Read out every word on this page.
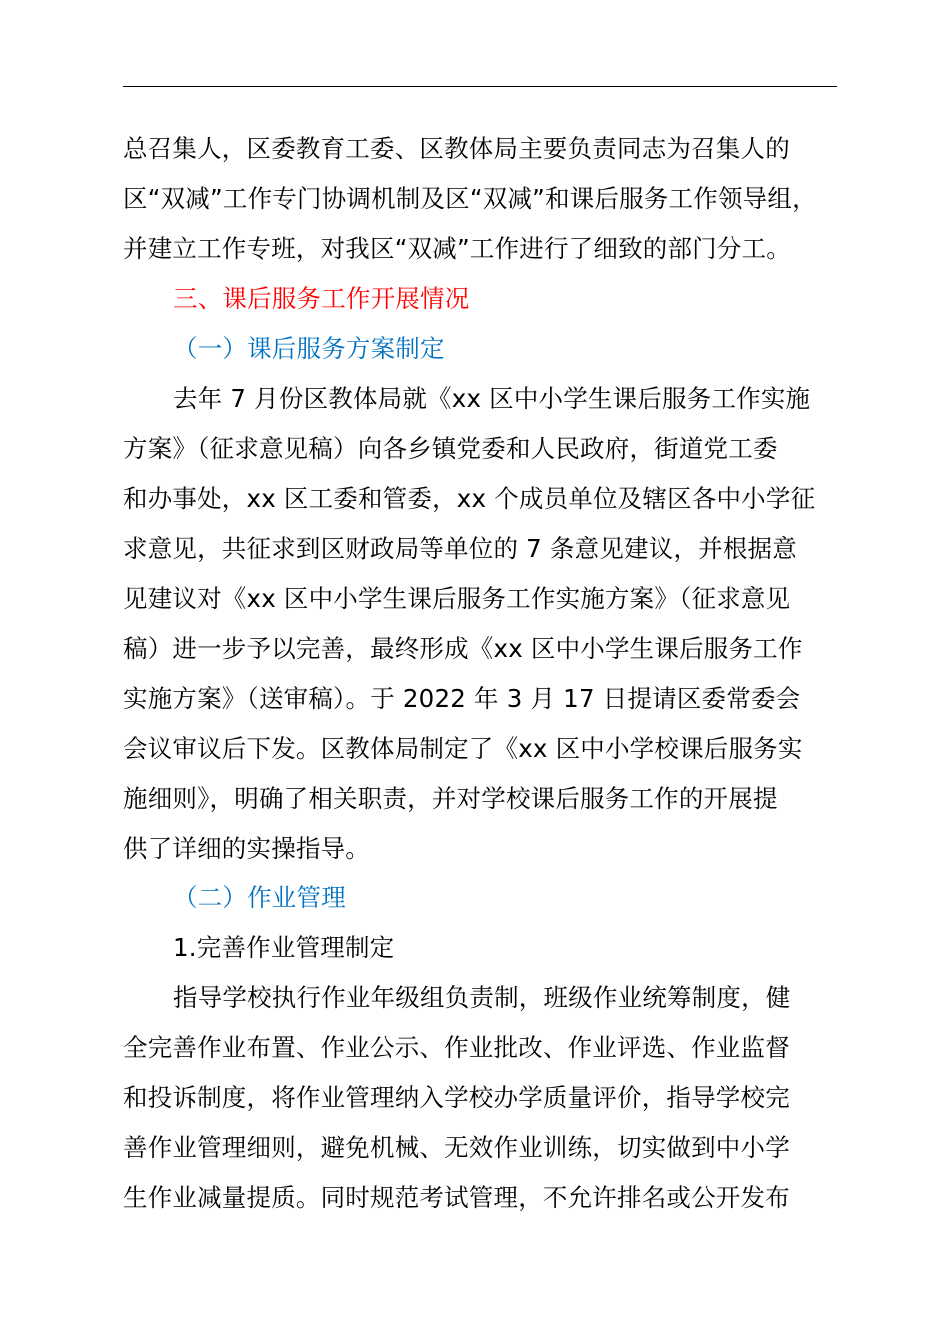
总召集人，区委教育工委、区教体局主要负责同志为召集人的
区“双减”工作专门协调机制及区“双减”和课后服务工作领导组，
并建立工作专班，对我区“双减”工作进行了细致的部门分工。
三、课后服务工作开展情况
（一）课后服务方案制定
去年 7 月份区教体局就《xx 区中小学生课后服务工作实施
方案》（征求意见稿）向各乡镇党委和人民政府，街道党工委
和办事处，xx 区工委和管委，xx 个成员单位及辖区各中小学征
求意见，共征求到区财政局等单位的 7 条意见建议，并根据意
见建议对《xx 区中小学生课后服务工作实施方案》（征求意见
稿）进一步予以完善，最终形成《xx 区中小学生课后服务工作
实施方案》（送审稿）。于 2022 年 3 月 17 日提请区委常委会
会议审议后下发。区教体局制定了《xx 区中小学校课后服务实
施细则》，明确了相关职责，并对学校课后服务工作的开展提
供了详细的实操指导。
（二）作业管理
1.完善作业管理制定
指导学校执行作业年级组负责制，班级作业统筹制度，健
全完善作业布置、作业公示、作业批改、作业评选、作业监督
和投诉制度，将作业管理纳入学校办学质量评价，指导学校完
善作业管理细则，避免机械、无效作业训练，切实做到中小学
生作业减量提质。同时规范考试管理，不允许排名或公开发布
